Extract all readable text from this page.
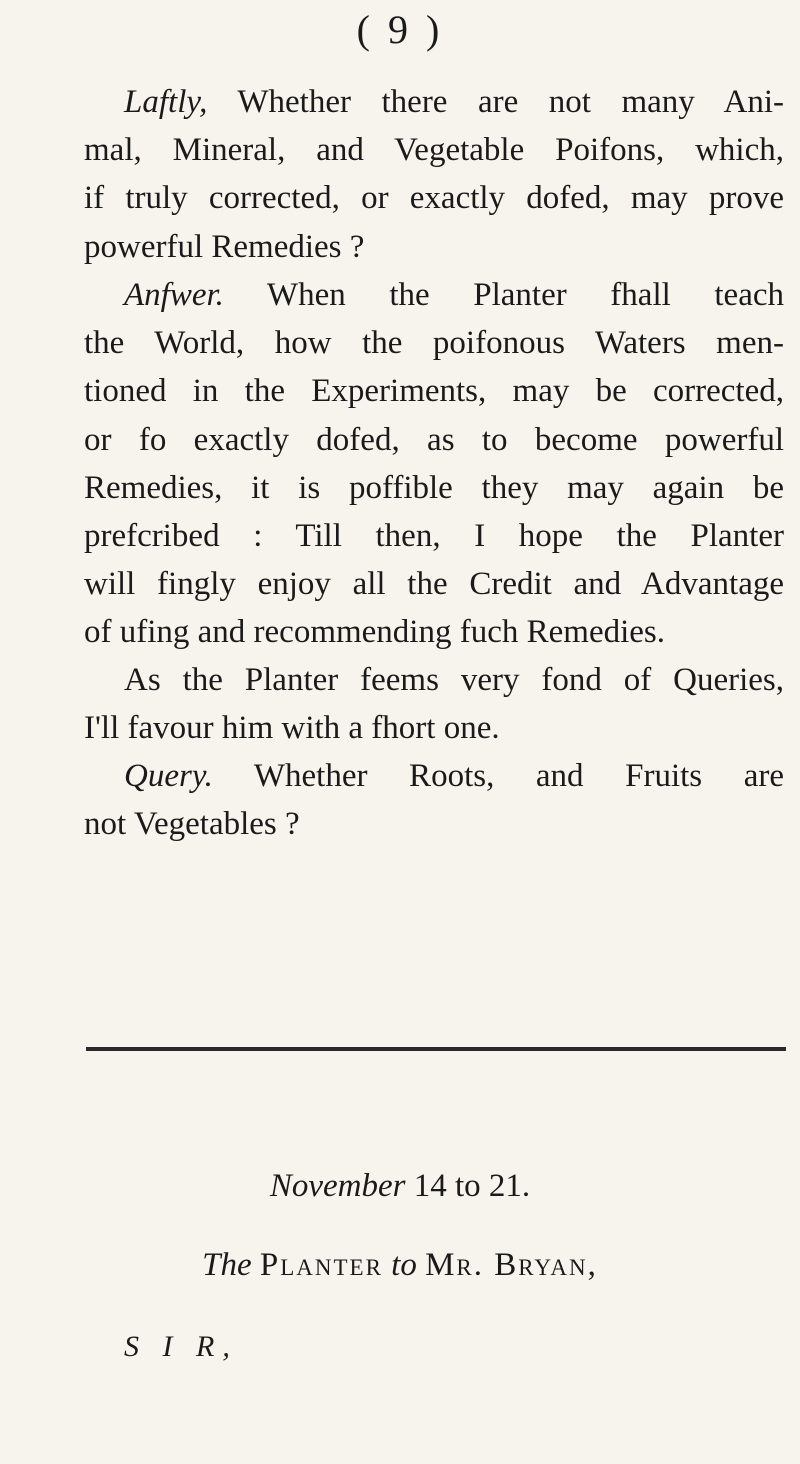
( 9 )
Laftly, Whether there are not many Ani-
mal, Mineral, and Vegetable Poifons, which,
if truly corrected, or exactly dofed, may prove
powerful Remedies ?
Anfwer. When the Planter fhall teach
the World, how the poifonous Waters men-
tioned in the Experiments, may be corrected,
or fo exactly dofed, as to become powerful
Remedies, it is poffible they may again be
prefcribed : Till then, I hope the Planter
will fingly enjoy all the Credit and Advantage
of ufing and recommending fuch Remedies.
As the Planter feems very fond of Queries,
I'll favour him with a fhort one.
Query. Whether Roots, and Fruits are
not Vegetables ?
November 14 to 21.
The Planter to Mr. Bryan,
S I R,
